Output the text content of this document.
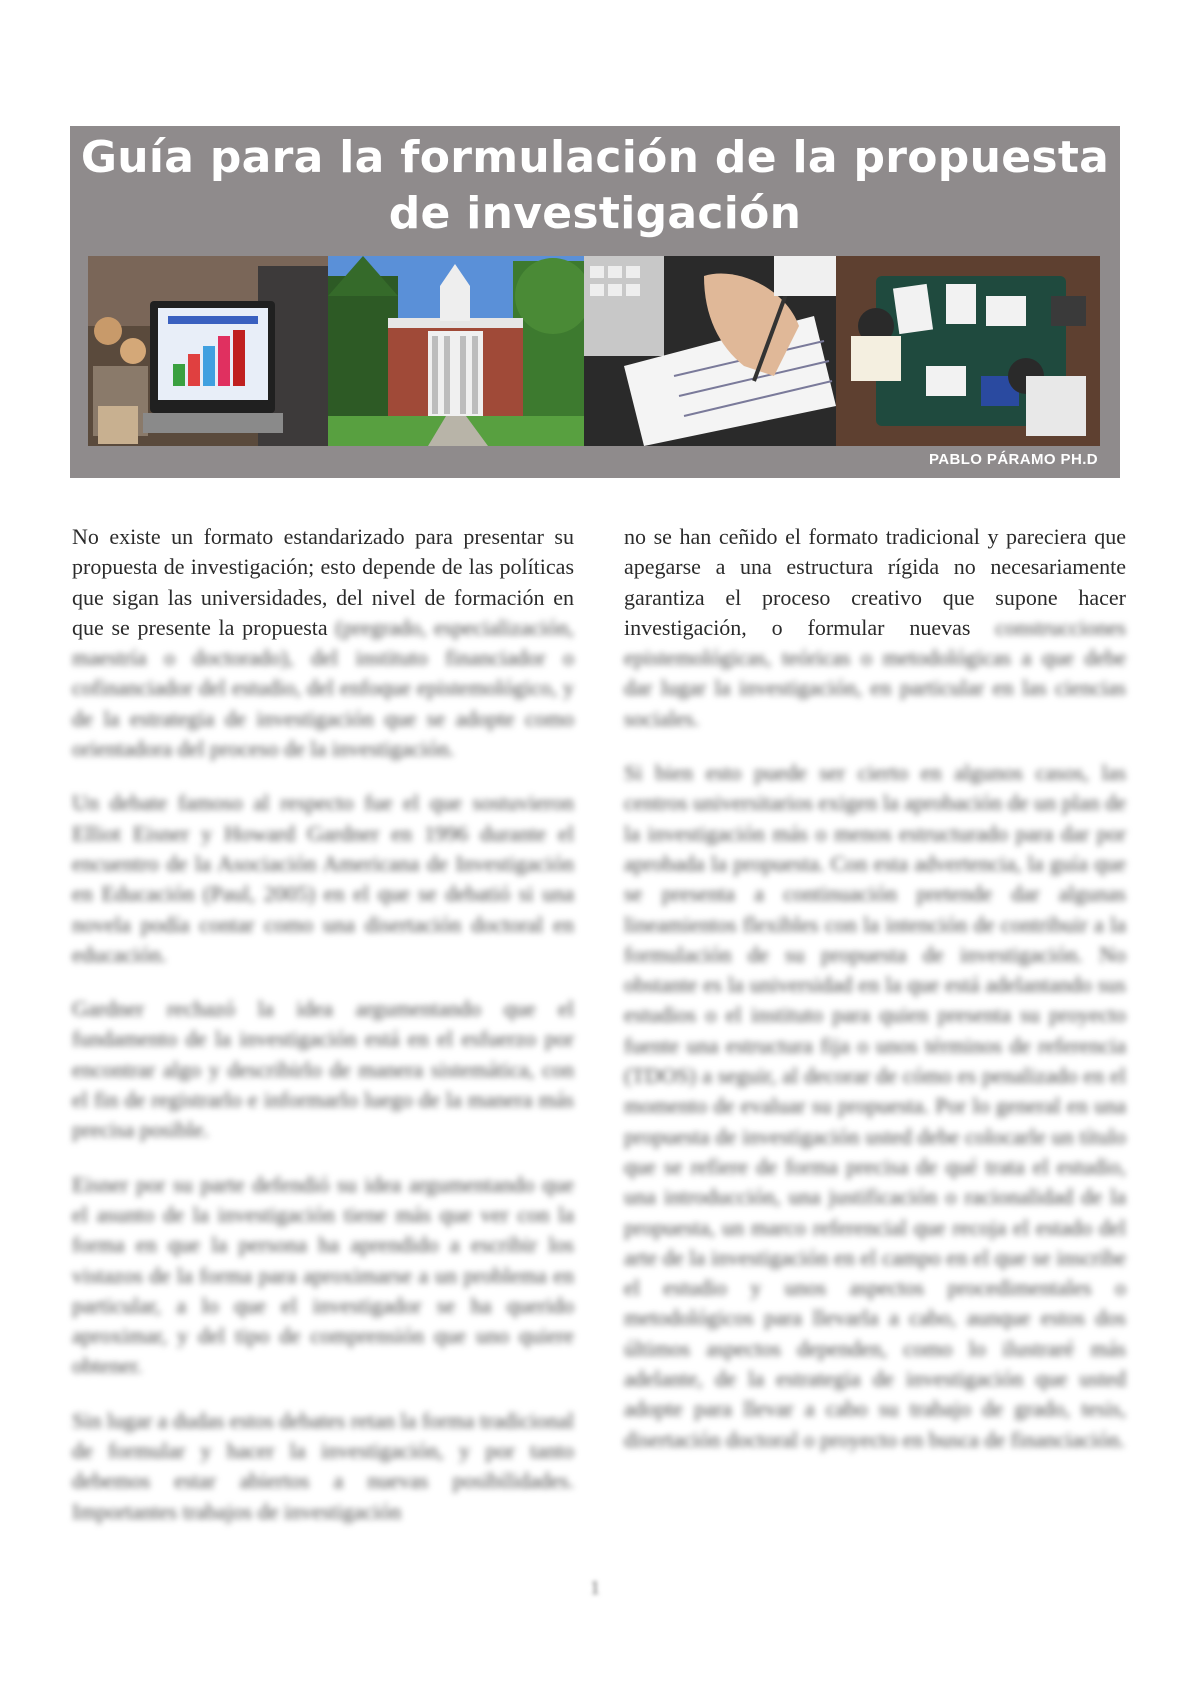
Guía para la formulación de la propuesta
de investigación
PABLO PÁRAMO PH.D

No existe un formato estandarizado para presentar su propuesta de investigación; esto depende de las políticas que sigan las universidades, del nivel de formación en que se presente la propuesta (pregrado, especialización, maestría o doctorado), del instituto financiador o cofinanciador del estudio, del enfoque epistemológico, y de la estrategia de investigación que se adopte como orientadora del proceso de la investigación.

Un debate famoso al respecto fue el que sostuvieron Elliot Eisner y Howard Gardner en 1996 durante el encuentro de la Asociación Americana de Investigación en Educación (Paul, 2005) en el que se debatió si una novela podía contar como una disertación doctoral en educación.

Gardner rechazó la idea argumentando que el fundamento de la investigación está en el esfuerzo por encontrar algo y describirlo de manera sistemática, con el fin de registrarlo e informarlo luego de la manera más precisa posible.

Eisner por su parte defendió su idea argumentando que el asunto de la investigación tiene más que ver con la forma en que la persona ha aprendido a escribir los vistazos de la forma para aproximarse a un problema en particular, a lo que el investigador se ha querido aproximar, y del tipo de comprensión que uno quiere obtener.

Sin lugar a dudas estos debates retan la forma tradicional de formular y hacer la investigación, y por tanto debemos estar abiertos a nuevas posibilidades. Importantes trabajos de investigación

no se han ceñido el formato tradicional y pareciera que apegarse a una estructura rígida no necesariamente garantiza el proceso creativo que supone hacer investigación, o formular nuevas construcciones epistemológicas, teóricas o metodológicas a que debe dar lugar la investigación, en particular en las ciencias sociales.

Si bien esto puede ser cierto en algunos casos, las centros universitarios exigen la aprobación de un plan de la investigación más o menos estructurado para dar por aprobada la propuesta. Con esta advertencia, la guía que se presenta a continuación pretende dar algunas lineamientos flexibles con la intención de contribuir a la formulación de su propuesta de investigación. No obstante es la universidad en la que está adelantando sus estudios o el instituto para quien presenta su proyecto fuente una estructura fija o unos términos de referencia (TDOS) a seguir, al decorar de cómo es penalizado en el momento de evaluar su propuesta. Por lo general en una propuesta de investigación usted debe colocarle un título que se refiere de forma precisa de qué trata el estudio, una introducción, una justificación o racionalidad de la propuesta, un marco referencial que recoja el estado del arte de la investigación en el campo en el que se inscribe el estudio y unos aspectos procedimentales o metodológicos para llevarla a cabo, aunque estos dos últimos aspectos dependen, como lo ilustraré más adelante, de la estrategia de investigación que usted adopte para llevar a cabo su trabajo de grado, tesis, disertación doctoral o proyecto en busca de financiación.

1
